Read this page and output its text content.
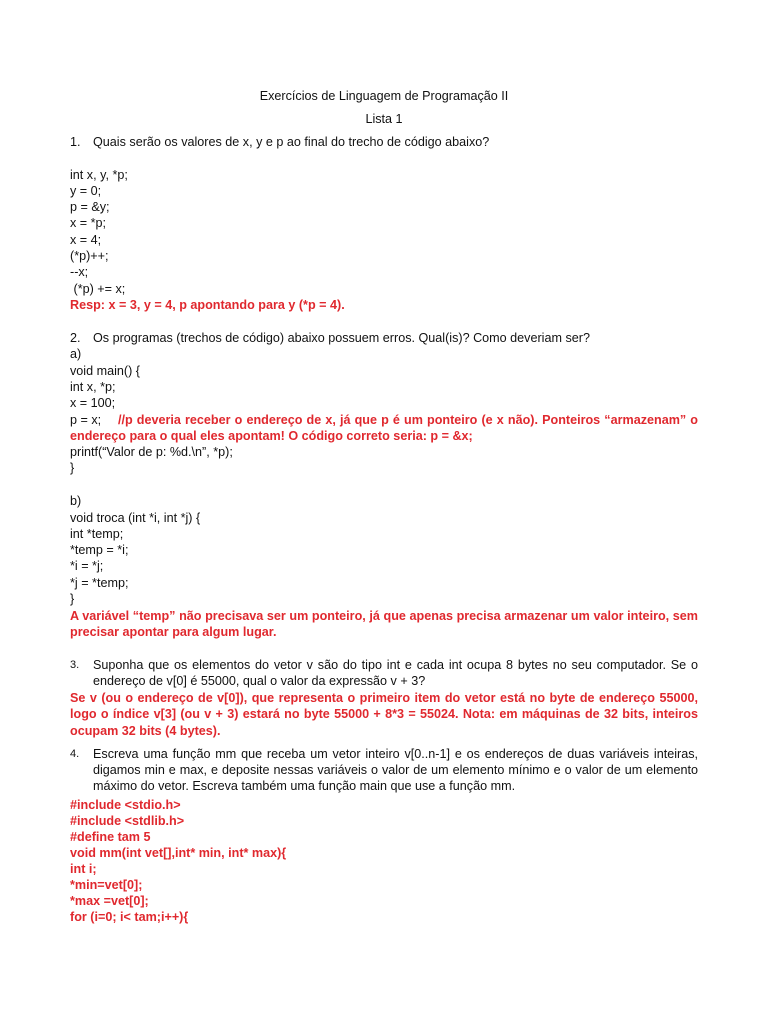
Exercícios de Linguagem de Programação II
Lista 1
1. Quais serão os valores de x, y e p ao final do trecho de código abaixo?
int x, y, *p;
y = 0;
p = &y;
x = *p;
x = 4;
(*p)++;
--x;
(*p) += x;
Resp: x = 3, y = 4, p apontando para y (*p = 4).
2. Os programas (trechos de código) abaixo possuem erros. Qual(is)? Como deveriam ser?
a)
void main() {
int x, *p;
x = 100;
p = x; //p deveria receber o endereço de x, já que p é um ponteiro (e x não). Ponteiros “armazenam” o
endereço para o qual eles apontam! O código correto seria: p = &x;
printf(“Valor de p: %d.\n”, *p);
}
b)
void troca (int *i, int *j) {
int *temp;
*temp = *i;
*i = *j;
*j = *temp;
}
A variável “temp” não precisava ser um ponteiro, já que apenas precisa armazenar um valor inteiro, sem precisar apontar para algum lugar.
3. Suponha que os elementos do vetor v são do tipo int e cada int ocupa 8 bytes no seu computador. Se o endereço de v[0] é 55000, qual o valor da expressão v + 3?
Se v (ou o endereço de v[0]), que representa o primeiro item do vetor está no byte de endereço 55000, logo o índice v[3] (ou v + 3) estará no byte 55000 + 8*3 = 55024. Nota: em máquinas de 32 bits, inteiros ocupam 32 bits (4 bytes).
4. Escreva uma função mm que receba um vetor inteiro v[0..n-1] e os endereços de duas variáveis inteiras, digamos min e max, e deposite nessas variáveis o valor de um elemento mínimo e o valor de um elemento máximo do vetor. Escreva também uma função main que use a função mm.
#include <stdio.h>
#include <stdlib.h>
#define tam 5
void mm(int vet[],int* min, int* max){
int i;
*min=vet[0];
*max =vet[0];
for (i=0; i< tam;i++){
